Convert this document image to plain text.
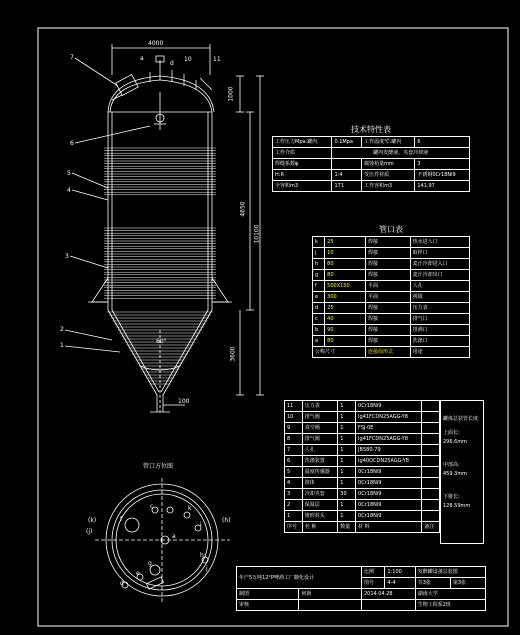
4000
1000
4650
10100
3600
60°
100
7	a
d
10	11
6
5
4
3
2
1
管口方位图
(k)	f	(h)
(j)
k
a
c
i
g
e
d
h
j
技术特性表
工作压力Mpa:罐内	0.1Mpa	工作温度℃:罐内	6
工作介质	罐内发酵液、夹套冷却液		
焊缝系数φ		腐蚀裕量mm	3
H:R	1:4	受压件材质	不锈钢0Cr18Ni9
全容积m3	171	工作容积m3	141.97
管口表
k	25	焊接	热水进入口
j	10	焊接	取样口
h	80	焊接	麦汁冷却进入口
g	80	焊接	麦汁冷却出口
f	500X150	平面	人孔
e	300	平面	视镜
d	25	焊接	压力表
c	40	焊接	排气口
b	90	焊接	排酒口
a	80	焊接	洗涤口
公称尺寸		连接面形式	用途
11	压力表	1	0Cr18Ni9	
10	排气阀	1	Ig41FCDN25AGG-Y8	
9	真空阀	1	FSJ-0E	
8	排气阀	1	Ig41FCDN25AGG-Y8	
7	人孔	1	JB580-79	
6	洗涤装置	1	Ig40QCDN25AGG-Y8	
5	温度传感器	1	0Cr18Ni9	
4	筒体	1	0Cr18Ni9	
3	冷却夹套	30	0Cr18Ni9	
2	保温层	1	0Cr18Ni9	
1	锥形封头	1	0Cr18Ni9	
序号	名 称	数量	材 料	备注
罐体总装管长度
上面长:
296.6mm
中部高:
459.3mm
下锥长:
128.59mm
年产5万吨12°P啤酒工厂糖化设计		比例	1:100	发酵罐设备总装图	
		图号	4-4	共3张	第3张
制图	何新	2014.04.28		湖南大学	
审核				生物工程系2班	
